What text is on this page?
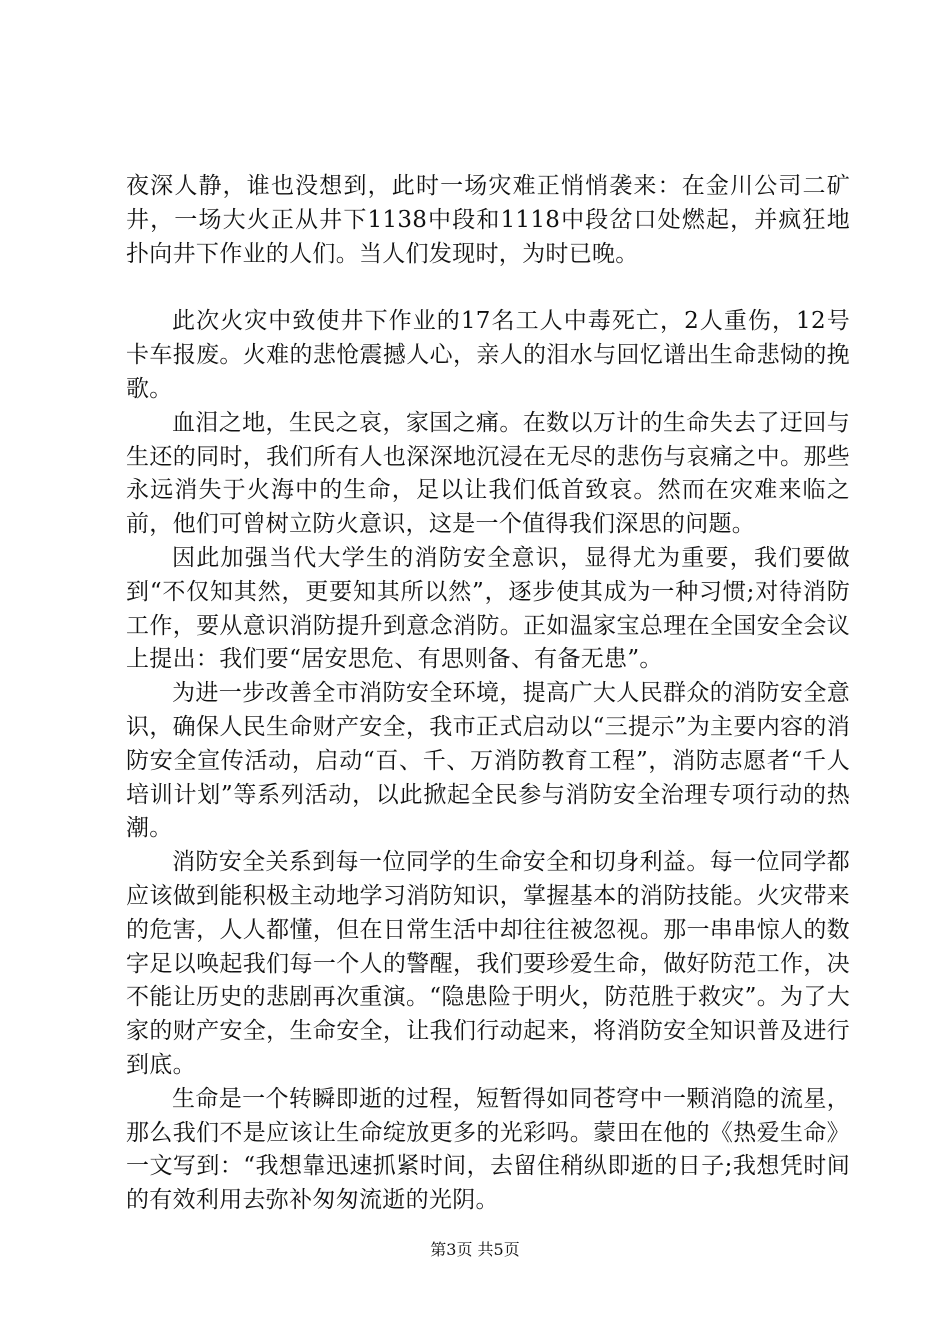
夜深人静，谁也没想到，此时一场灾难正悄悄袭来：在金川公司二矿井，一场大火正从井下1138中段和1118中段岔口处燃起，并疯狂地扑向井下作业的人们。当人们发现时，为时已晚。

此次火灾中致使井下作业的17名工人中毒死亡，2人重伤，12号卡车报废。火难的悲怆震撼人心，亲人的泪水与回忆谱出生命悲恸的挽歌。

血泪之地，生民之哀，家国之痛。在数以万计的生命失去了迂回与生还的同时，我们所有人也深深地沉浸在无尽的悲伤与哀痛之中。那些永远消失于火海中的生命，足以让我们低首致哀。然而在灾难来临之前，他们可曾树立防火意识，这是一个值得我们深思的问题。

因此加强当代大学生的消防安全意识，显得尤为重要，我们要做到“不仅知其然，更要知其所以然”，逐步使其成为一种习惯;对待消防工作，要从意识消防提升到意念消防。正如温家宝总理在全国安全会议上提出：我们要“居安思危、有思则备、有备无患”。

为进一步改善全市消防安全环境，提高广大人民群众的消防安全意识，确保人民生命财产安全，我市正式启动以“三提示”为主要内容的消防安全宣传活动，启动“百、千、万消防教育工程”，消防志愿者“千人培训计划”等系列活动，以此掀起全民参与消防安全治理专项行动的热潮。

消防安全关系到每一位同学的生命安全和切身利益。每一位同学都应该做到能积极主动地学习消防知识，掌握基本的消防技能。火灾带来的危害，人人都懂，但在日常生活中却往往被忽视。那一串串惊人的数字足以唤起我们每一个人的警醒，我们要珍爱生命，做好防范工作，决不能让历史的悲剧再次重演。“隐患险于明火，防范胜于救灾”。为了大家的财产安全，生命安全，让我们行动起来，将消防安全知识普及进行到底。

生命是一个转瞬即逝的过程，短暂得如同苍穹中一颗消隐的流星，那么我们不是应该让生命绽放更多的光彩吗。蒙田在他的《热爱生命》一文写到：“我想靠迅速抓紧时间，去留住稍纵即逝的日子;我想凭时间的有效利用去弥补匆匆流逝的光阴。

第3页 共5页
